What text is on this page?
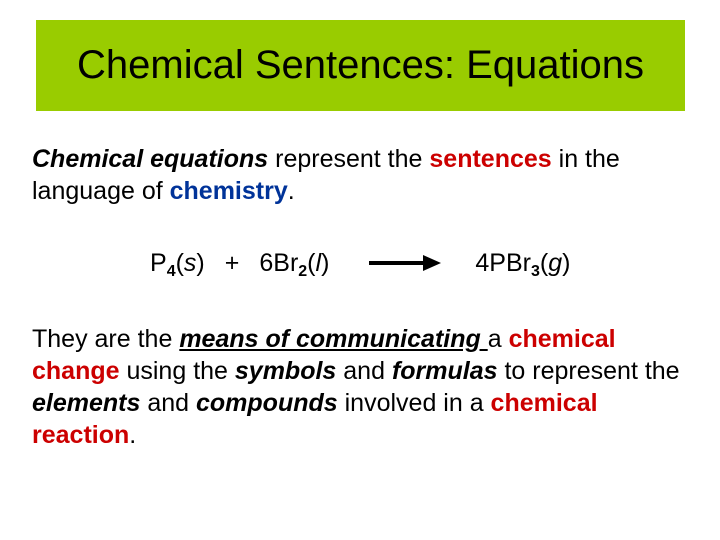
Chemical Sentences: Equations
Chemical equations represent the sentences in the language of chemistry.
$P_4(s) + 6Br_2(l)$	4PBr$_3$(g)
They are the means of communicating a chemical change using the symbols and formulas to represent the elements and compounds involved in a chemical reaction.
